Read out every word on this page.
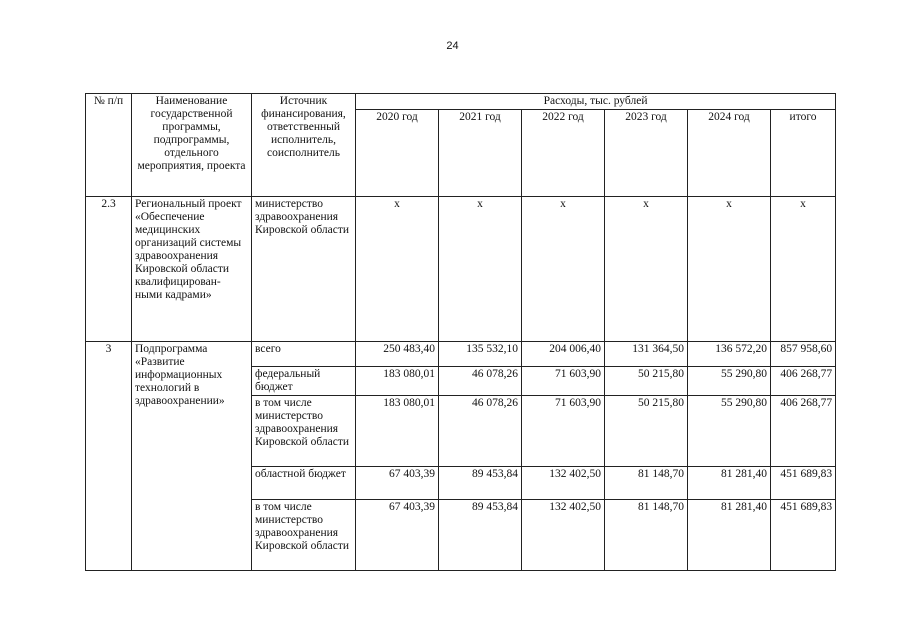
24
№ п/п	Наименование государственной программы, подпрограммы, отдельного мероприятия, проекта	Источник финансирования, ответственный исполнитель, соисполнитель	Расходы, тыс. рублей					
			2020 год	2021 год	2022 год	2023 год	2024 год	итого
2.3	Региональный проект «Обеспечение медицинских организаций системы здравоохранения Кировской области квалифицирован-ными кадрами»	министерство здравоохранения Кировской области	х	х	х	х	х	х
3	Подпрограмма «Развитие информационных технологий в здравоохранении»	всего	250 483,40	135 532,10	204 006,40	131 364,50	136 572,20	857 958,60
		федеральный бюджет	183 080,01	46 078,26	71 603,90	50 215,80	55 290,80	406 268,77
		в том числе министерство здравоохранения Кировской области	183 080,01	46 078,26	71 603,90	50 215,80	55 290,80	406 268,77
		областной бюджет	67 403,39	89 453,84	132 402,50	81 148,70	81 281,40	451 689,83
		в том числе министерство здравоохранения Кировской области	67 403,39	89 453,84	132 402,50	81 148,70	81 281,40	451 689,83
